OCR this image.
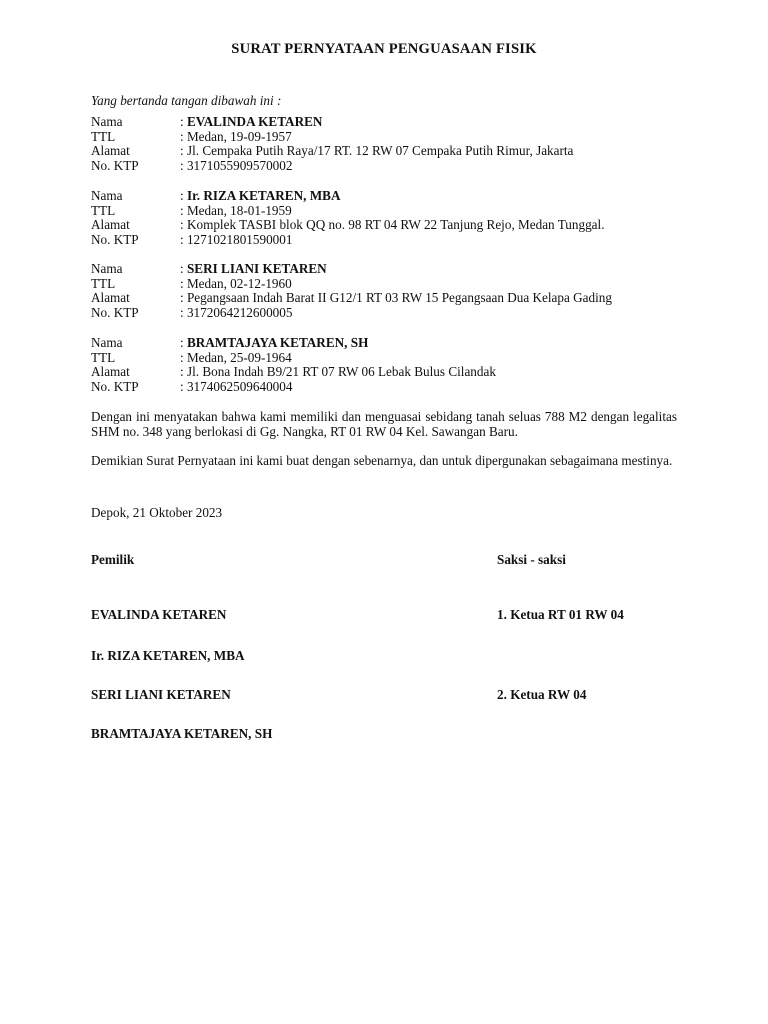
SURAT PERNYATAAN PENGUASAAN FISIK
Yang bertanda tangan dibawah ini :
Nama	: EVALINDA KETAREN
TTL	: Medan, 19-09-1957
Alamat	: Jl. Cempaka Putih Raya/17 RT. 12 RW 07 Cempaka Putih Rimur, Jakarta
No. KTP	: 3171055909570002
Nama	: Ir. RIZA KETAREN, MBA
TTL	: Medan, 18-01-1959
Alamat	: Komplek TASBI blok QQ no. 98 RT 04 RW 22 Tanjung Rejo, Medan Tunggal.
No. KTP	: 1271021801590001
Nama	: SERI LIANI KETAREN
TTL	: Medan, 02-12-1960
Alamat	: Pegangsaan Indah Barat II G12/1 RT 03 RW 15 Pegangsaan Dua Kelapa Gading
No. KTP	: 3172064212600005
Nama	: BRAMTAJAYA KETAREN, SH
TTL	: Medan, 25-09-1964
Alamat	: Jl. Bona Indah B9/21 RT 07 RW 06 Lebak Bulus Cilandak
No. KTP	: 3174062509640004
Dengan ini menyatakan bahwa kami memiliki dan menguasai sebidang tanah seluas 788 M2 dengan legalitas SHM no. 348 yang berlokasi di Gg. Nangka, RT 01 RW 04 Kel. Sawangan Baru.
Demikian Surat Pernyataan ini kami buat dengan sebenarnya, dan untuk dipergunakan sebagaimana mestinya.
Depok, 21 Oktober 2023
Pemilik	Saksi - saksi
EVALINDA KETAREN	1. Ketua RT 01 RW 04
Ir. RIZA KETAREN, MBA
SERI LIANI KETAREN	2. Ketua RW 04
BRAMTAJAYA KETAREN, SH
